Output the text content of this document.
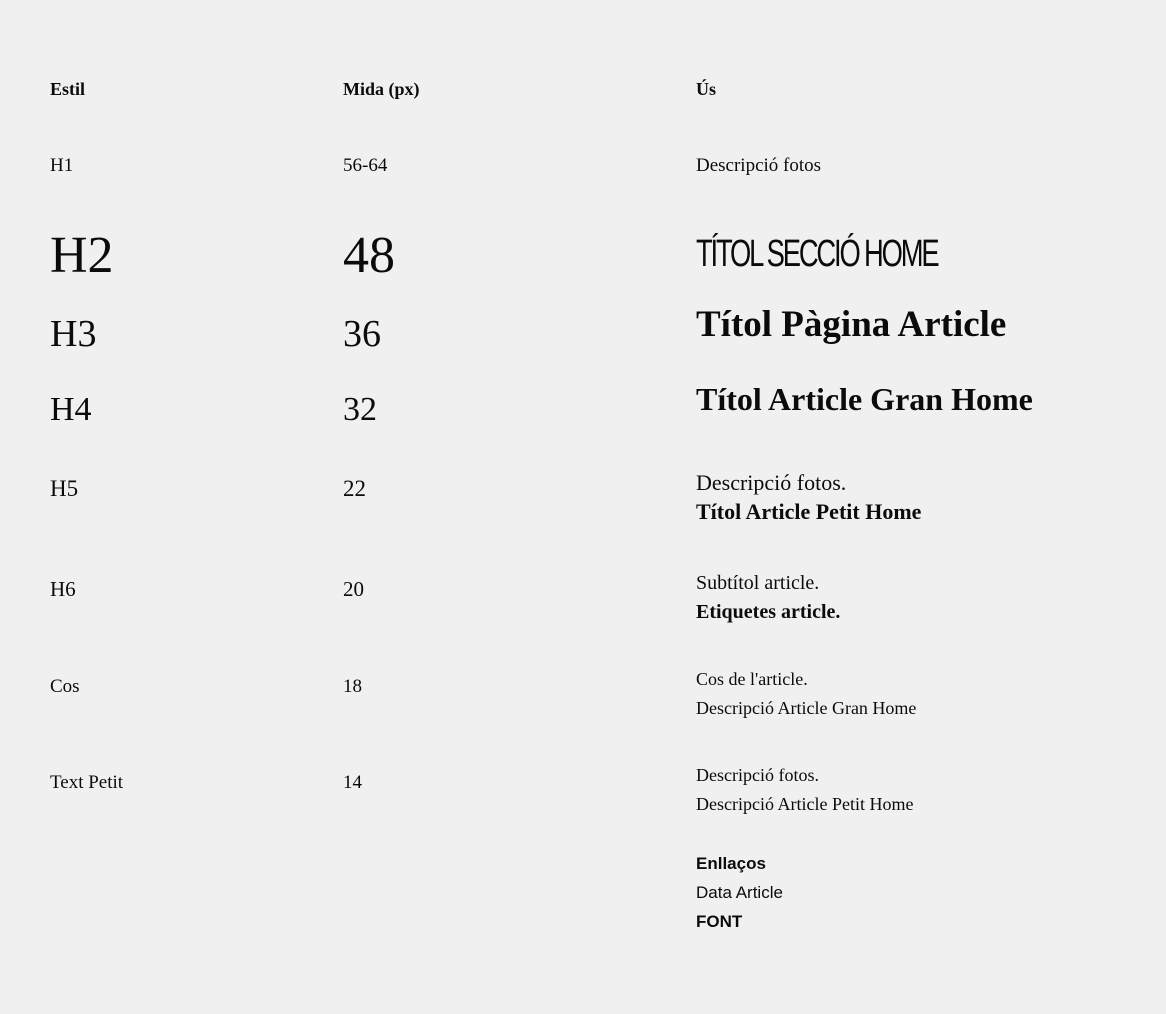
Estil	Mida (px)	Ús
H1	56-64	Descripció fotos
H2	48	TÍTOL SECCIÓ HOME
H3	36	Títol Pàgina Article
H4	32	Títol Article Gran Home
H5	22	Descripció fotos.
Títol Article Petit Home
H6	20	Subtítol article.
Etiquetes article.
Cos	18	Cos de l'article.
Descripció Article Gran Home
Text Petit	14	Descripció fotos.
Descripció Article Petit Home
Enllaços
Data Article
FONT
